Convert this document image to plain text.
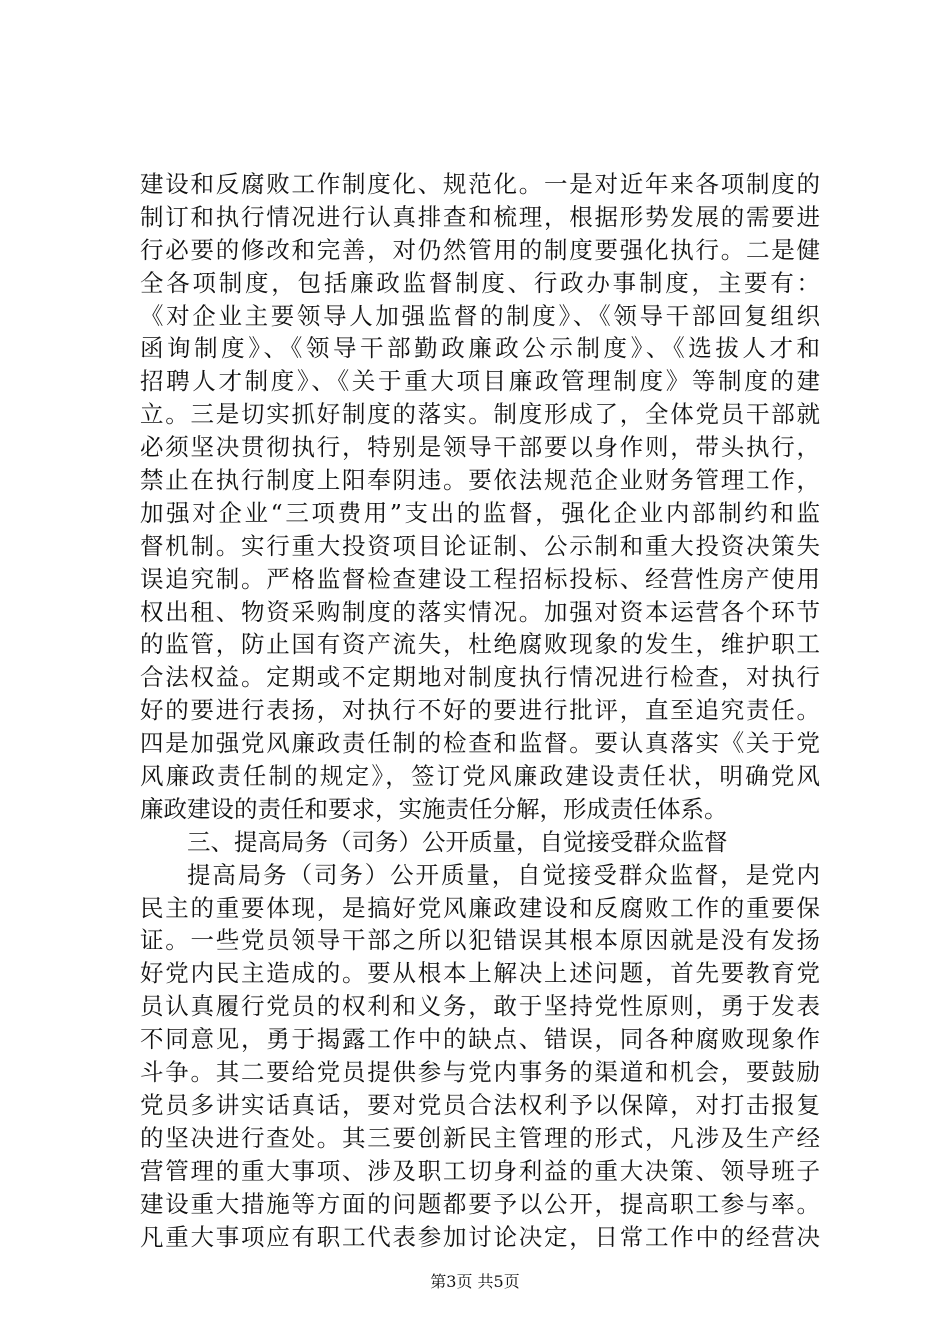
建设和反腐败工作制度化、规范化。一是对近年来各项制度的
制订和执行情况进行认真排查和梳理，根据形势发展的需要进
行必要的修改和完善，对仍然管用的制度要强化执行。二是健
全各项制度，包括廉政监督制度、行政办事制度，主要有：
《对企业主要领导人加强监督的制度》、《领导干部回复组织
函询制度》、《领导干部勤政廉政公示制度》、《选拔人才和
招聘人才制度》、《关于重大项目廉政管理制度》等制度的建
立。三是切实抓好制度的落实。制度形成了，全体党员干部就
必须坚决贯彻执行，特别是领导干部要以身作则，带头执行，
禁止在执行制度上阳奉阴违。要依法规范企业财务管理工作，
加强对企业“三项费用”支出的监督，强化企业内部制约和监
督机制。实行重大投资项目论证制、公示制和重大投资决策失
误追究制。严格监督检查建设工程招标投标、经营性房产使用
权出租、物资采购制度的落实情况。加强对资本运营各个环节
的监管，防止国有资产流失，杜绝腐败现象的发生，维护职工
合法权益。定期或不定期地对制度执行情况进行检查，对执行
好的要进行表扬，对执行不好的要进行批评，直至追究责任。
四是加强党风廉政责任制的检查和监督。要认真落实《关于党
风廉政责任制的规定》，签订党风廉政建设责任状，明确党风
廉政建设的责任和要求，实施责任分解，形成责任体系。
三、提高局务（司务）公开质量，自觉接受群众监督
提高局务（司务）公开质量，自觉接受群众监督，是党内
民主的重要体现，是搞好党风廉政建设和反腐败工作的重要保
证。一些党员领导干部之所以犯错误其根本原因就是没有发扬
好党内民主造成的。要从根本上解决上述问题，首先要教育党
员认真履行党员的权利和义务，敢于坚持党性原则，勇于发表
不同意见，勇于揭露工作中的缺点、错误，同各种腐败现象作
斗争。其二要给党员提供参与党内事务的渠道和机会，要鼓励
党员多讲实话真话，要对党员合法权利予以保障，对打击报复
的坚决进行查处。其三要创新民主管理的形式，凡涉及生产经
营管理的重大事项、涉及职工切身利益的重大决策、领导班子
建设重大措施等方面的问题都要予以公开，提高职工参与率。
凡重大事项应有职工代表参加讨论决定，日常工作中的经营决
第3页 共5页
